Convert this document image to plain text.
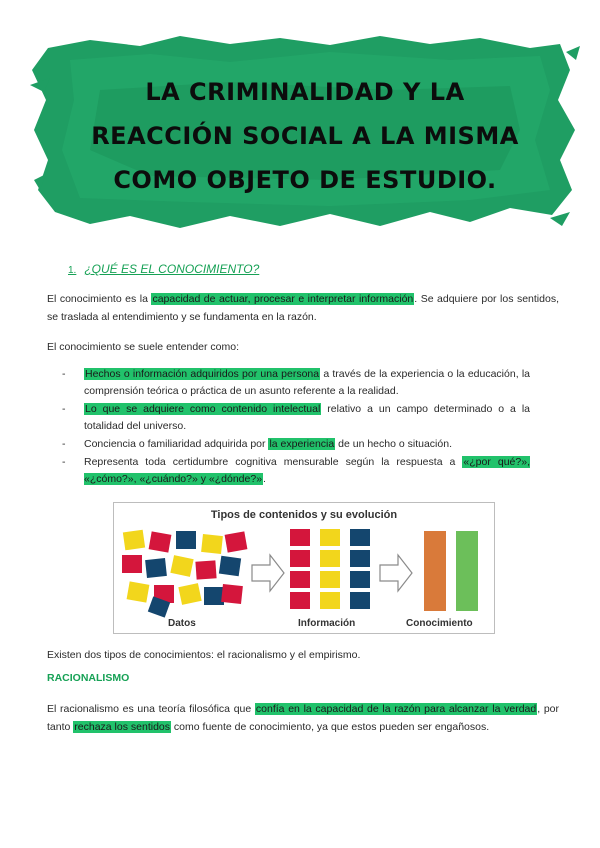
LA CRIMINALIDAD Y LA
REACCIÓN SOCIAL A LA MISMA
COMO OBJETO DE ESTUDIO.
1. ¿QUÉ ES EL CONOCIMIENTO?
El conocimiento es la capacidad de actuar, procesar e interpretar información. Se adquiere por los sentidos, se traslada al entendimiento y se fundamenta en la razón.
El conocimiento se suele entender como:
- Hechos o información adquiridos por una persona a través de la experiencia o la educación, la comprensión teórica o práctica de un asunto referente a la realidad.
- Lo que se adquiere como contenido intelectual relativo a un campo determinado o a la totalidad del universo.
- Conciencia o familiaridad adquirida por la experiencia de un hecho o situación.
- Representa toda certidumbre cognitiva mensurable según la respuesta a «¿por qué?», «¿cómo?», «¿cuándo?» y «¿dónde?».
Tipos de contenidos y su evolución
Datos	Información	Conocimiento
Existen dos tipos de conocimientos: el racionalismo y el empirismo.
RACIONALISMO
El racionalismo es una teoría filosófica que confía en la capacidad de la razón para alcanzar la verdad, por tanto rechaza los sentidos como fuente de conocimiento, ya que estos pueden ser engañosos.
